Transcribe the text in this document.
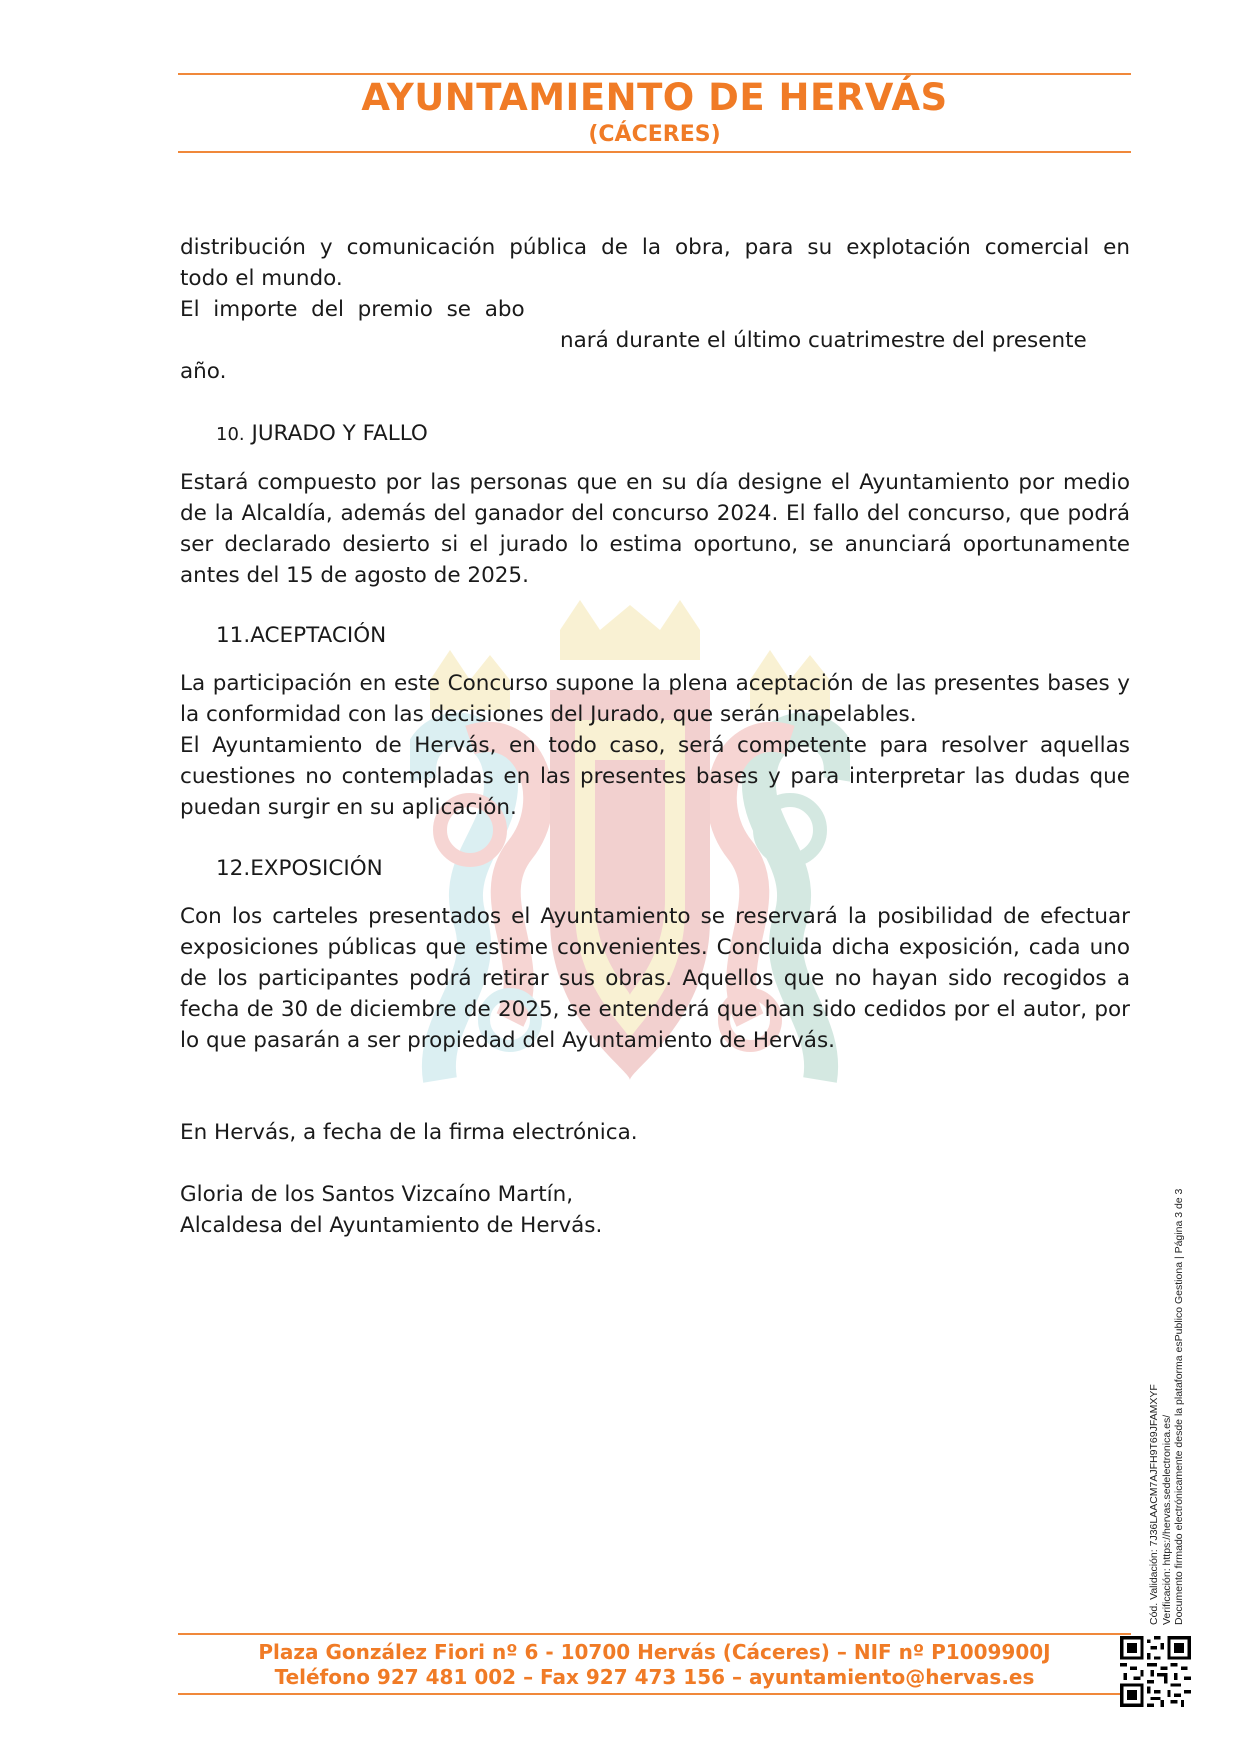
AYUNTAMIENTO DE HERVÁS
(CÁCERES)
distribución y comunicación pública de la obra, para su explotación comercial en
todo el mundo.
El  importe  del  premio  se  abo
nará durante el último cuatrimestre del presente
año.
10. JURADO Y FALLO
Estará compuesto por las personas que en su día designe el Ayuntamiento por medio de la Alcaldía, además del ganador del concurso 2024. El fallo del concurso, que podrá ser declarado desierto si el jurado lo estima oportuno, se anunciará oportunamente antes del 15 de agosto de 2025.
11.ACEPTACIÓN
La participación en este Concurso supone la plena aceptación de las presentes bases y la conformidad con las decisiones del Jurado, que serán inapelables.
El Ayuntamiento de Hervás, en todo caso, será competente para resolver aquellas cuestiones no contempladas en las presentes bases y para interpretar las dudas que puedan surgir en su aplicación.
12.EXPOSICIÓN
Con los carteles presentados el Ayuntamiento se reservará la posibilidad de efectuar exposiciones públicas que estime convenientes. Concluida dicha exposición, cada uno de los participantes podrá retirar sus obras. Aquellos que no hayan sido recogidos a fecha de 30 de diciembre de 2025, se entenderá que han sido cedidos por el autor, por lo que pasarán a ser propiedad del Ayuntamiento de Hervás.
En Hervás, a fecha de la firma electrónica.
Gloria de los Santos Vizcaíno Martín,
Alcaldesa del Ayuntamiento de Hervás.
Cód. Validación: 7J36LAACM7AJFH9T69JFAMXYF Verificación: https://hervas.sedelectronica.es/ Documento firmado electrónicamente desde la plataforma esPublico Gestiona | Página 3 de 3
Plaza González Fiori nº 6 - 10700 Hervás (Cáceres) – NIF nº P1009900J
Teléfono 927 481 002 – Fax 927 473 156 – ayuntamiento@hervas.es
